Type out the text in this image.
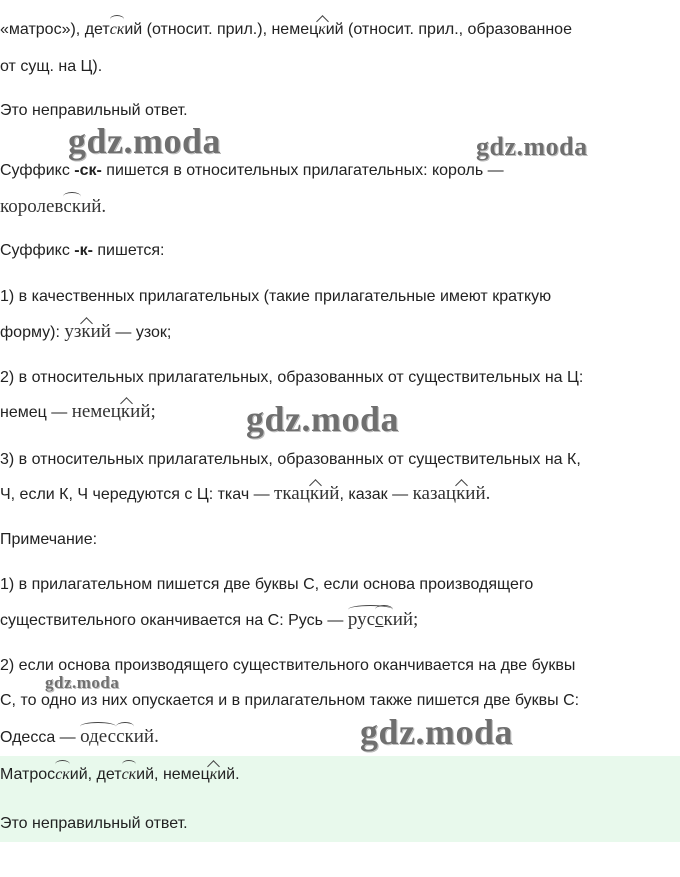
«матрос»), детский (относит. прил.), немецкий (относит. прил., образованное

от сущ. на Ц).

Это неправильный ответ.

gdz.moda	gdz.moda

Суффикс -ск- пишется в относительных прилагательных: король —

королевский.

Суффикс -к- пишется:

1) в качественных прилагательных (такие прилагательные имеют краткую

форму): узкий — узок;

2) в относительных прилагательных, образованных от существительных на Ц:

немец — немецкий;	gdz.moda

3) в относительных прилагательных, образованных от существительных на К,

Ч, если К, Ч чередуются с Ц: ткач — ткацкий, казак — казацкий.

Примечание:

1) в прилагательном пишется две буквы С, если основа производящего

существительного оканчивается на С: Русь — русский;

2) если основа производящего существительного оканчивается на две буквы

gdz.moda

С, то одно из них опускается и в прилагательном также пишется две буквы С:

Одесса — одесский.	gdz.moda

Матросский, детский, немецкий.

Это неправильный ответ.
